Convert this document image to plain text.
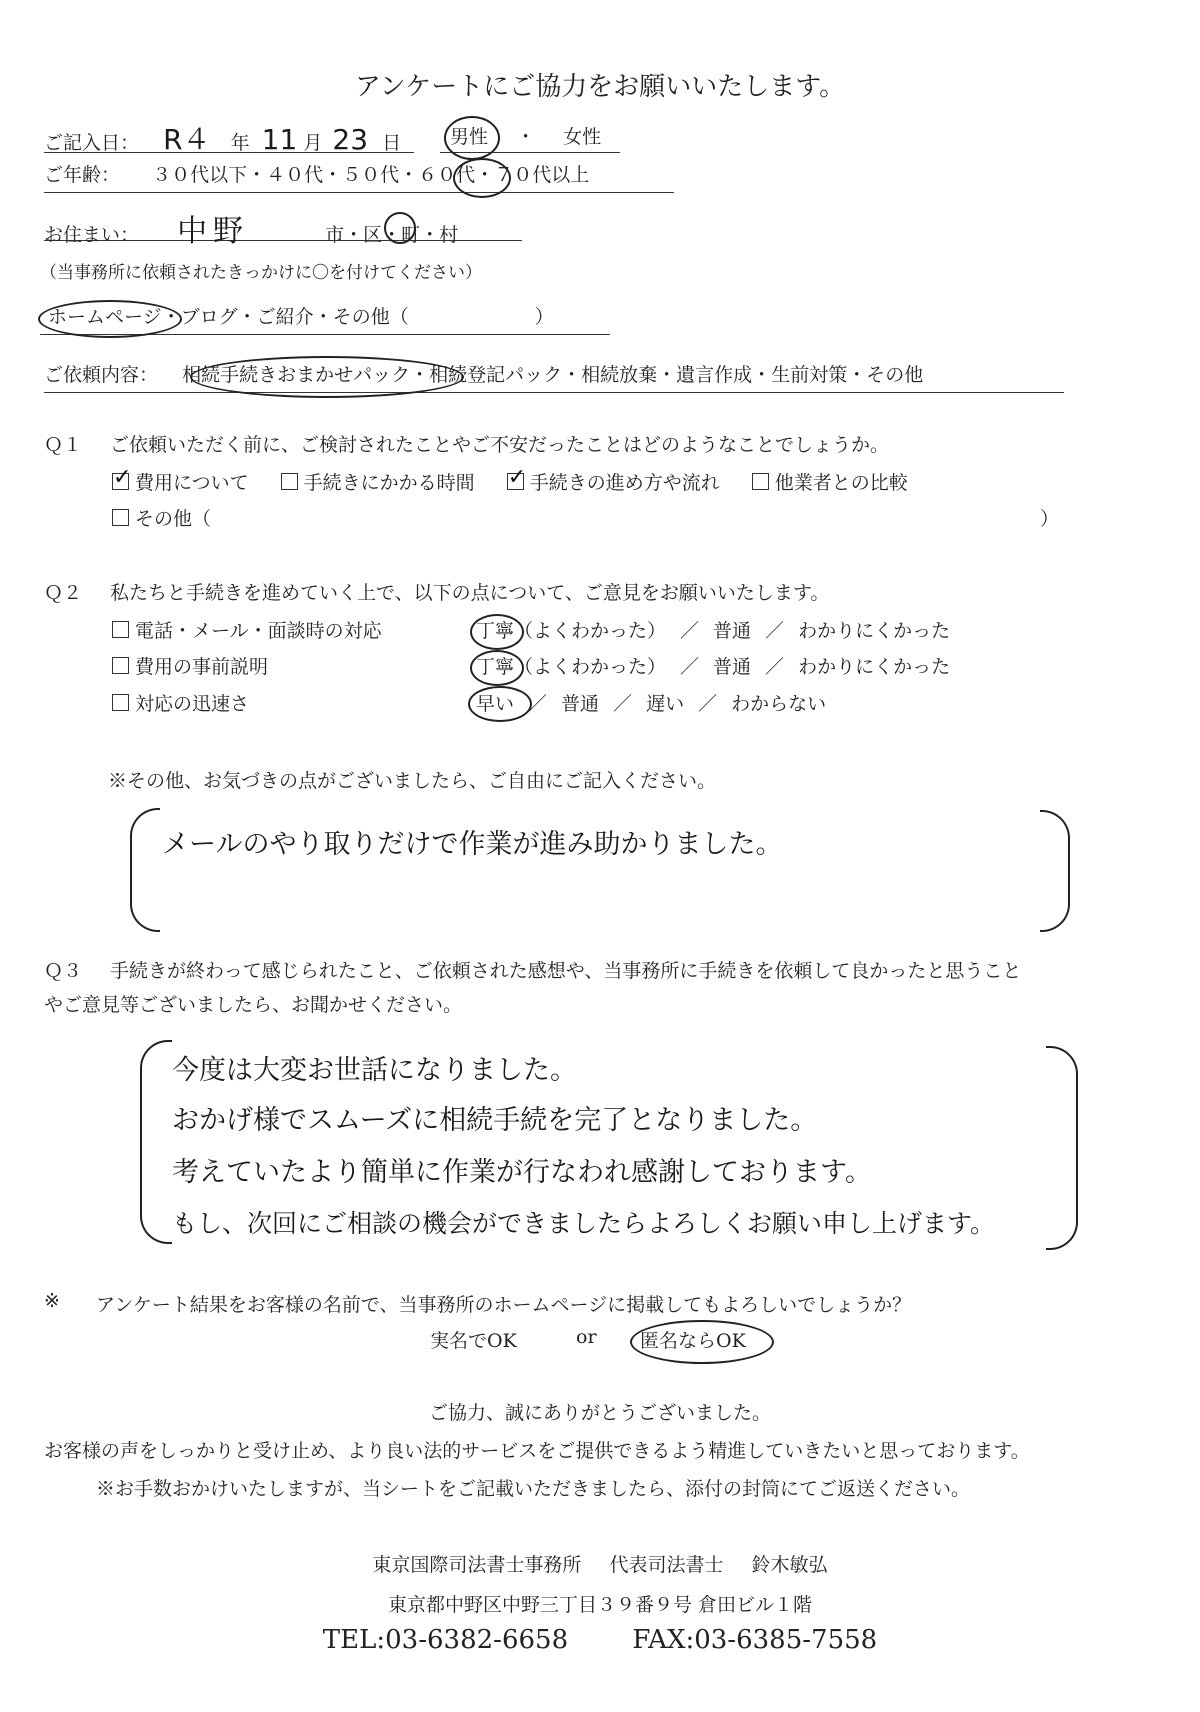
アンケートにご協力をお願いいたします。
ご記入日： R４ 年 11 月 23 日	男性 ・ 女性
ご年齢： ３０代以下・４０代・５０代・６０代・７０代以上
お住まい： 中野	市・区・町・村
（当事務所に依頼されたきっかけに〇を付けてください）
ホームページ・ブログ・ご紹介・その他（	）
ご依頼内容： 相続手続きおまかせパック・相続登記パック・相続放棄・遺言作成・生前対策・その他
Ｑ１ ご依頼いただく前に、ご検討されたことやご不安だったことはどのようなことでしょうか。
✓費用について	手続きにかかる時間 ✓	手続きの進め方や流れ	他業者との比較
その他（	）
Ｑ２ 私たちと手続きを進めていく上で、以下の点について、ご意見をお願いいたします。
電話・メール・面談時の対応	丁寧（よくわかった） ／ 普通 ／ わかりにくかった
費用の事前説明	丁寧（よくわかった） ／ 普通 ／ わかりにくかった
対応の迅速さ	早い ／ 普通 ／ 遅い ／ わからない
※その他、お気づきの点がございましたら、ご自由にご記入ください。
メールのやり取りだけで作業が進み助かりました。
Ｑ３ 手続きが終わって感じられたこと、ご依頼された感想や、当事務所に手続きを依頼して良かったと思うこと
やご意見等ございましたら、お聞かせください。
今度は大変お世話になりました。
おかげ様でスムーズに相続手続を完了となりました。
考えていたより簡単に作業が行なわれ感謝しております。
もし、次回にご相談の機会ができましたらよろしくお願い申し上げます。
※ アンケート結果をお客様の名前で、当事務所のホームページに掲載してもよろしいでしょうか？
実名でOK	or 匿名ならOK
ご協力、誠にありがとうございました。
お客様の声をしっかりと受け止め、より良い法的サービスをご提供できるよう精進していきたいと思っております。
※お手数おかけいたしますが、当シートをご記載いただきましたら、添付の封筒にてご返送ください。
東京国際司法書士事務所 代表司法書士 鈴木敏弘
東京都中野区中野三丁目３９番９号 倉田ビル１階
TEL:03-6382-6658 FAX:03-6385-7558
